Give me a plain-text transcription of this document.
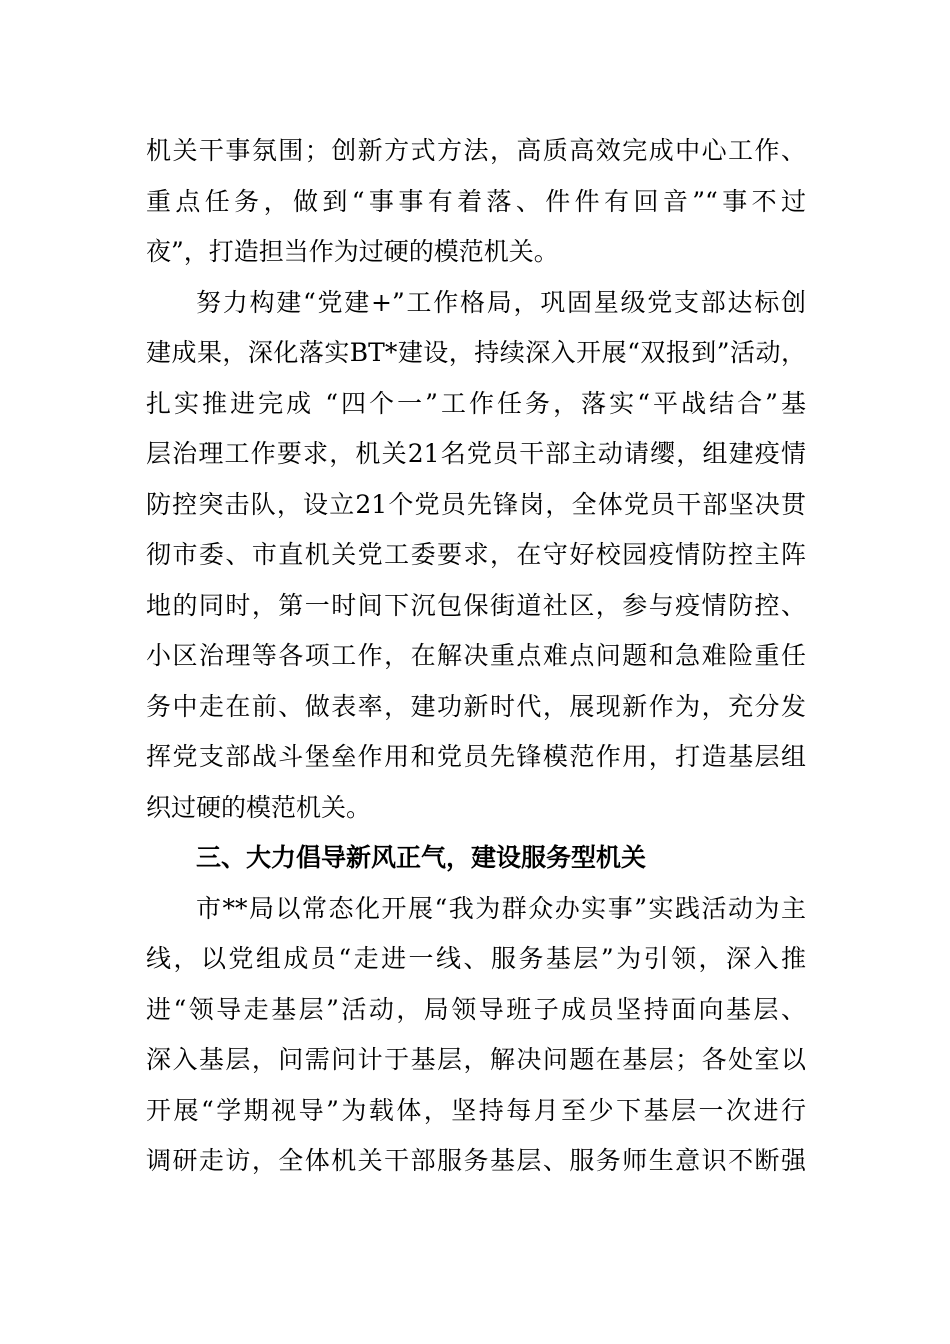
机关干事氛围；创新方式方法，高质高效完成中心工作、
重点任务，做到“事事有着落、件件有回音”“事不过
夜”，打造担当作为过硬的模范机关。
努力构建“党建+”工作格局，巩固星级党支部达标创
建成果，深化落实BT*建设，持续深入开展“双报到”活动，
扎实推进完成 “四个一”工作任务，落实“平战结合”基
层治理工作要求，机关21名党员干部主动请缨，组建疫情
防控突击队，设立21个党员先锋岗，全体党员干部坚决贯
彻市委、市直机关党工委要求，在守好校园疫情防控主阵
地的同时，第一时间下沉包保街道社区，参与疫情防控、
小区治理等各项工作，在解决重点难点问题和急难险重任
务中走在前、做表率，建功新时代，展现新作为，充分发
挥党支部战斗堡垒作用和党员先锋模范作用，打造基层组
织过硬的模范机关。
三、大力倡导新风正气，建设服务型机关
市**局以常态化开展“我为群众办实事”实践活动为主
线，以党组成员“走进一线、服务基层”为引领，深入推
进“领导走基层”活动，局领导班子成员坚持面向基层、
深入基层，问需问计于基层，解决问题在基层；各处室以
开展“学期视导”为载体，坚持每月至少下基层一次进行
调研走访，全体机关干部服务基层、服务师生意识不断强
